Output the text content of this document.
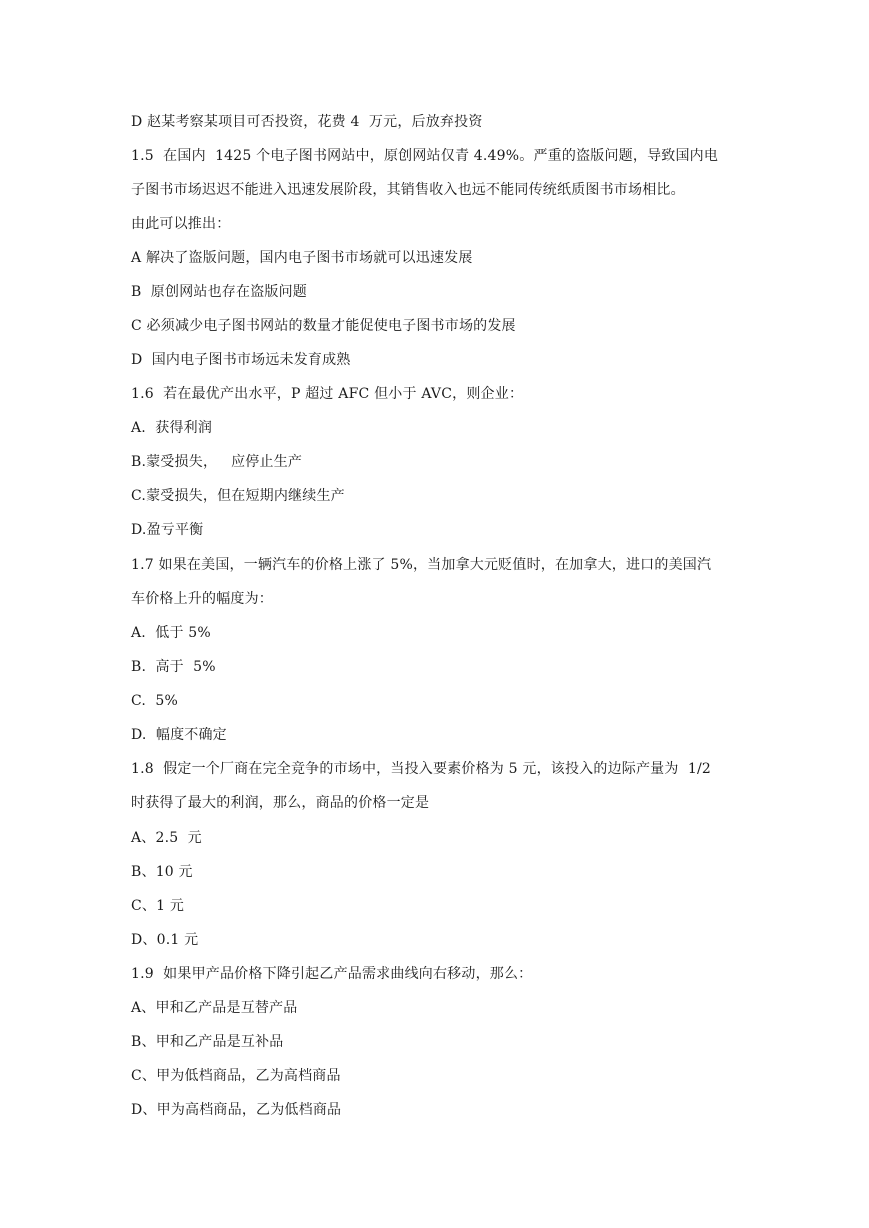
D 赵某考察某项目可否投资，花费 4  万元，后放弃投资
1.5  在国内  1425 个电子图书网站中，原创网站仅青 4.49%。严重的盗版问题，导致国内电
子图书市场迟迟不能进入迅速发展阶段，其销售收入也远不能同传统纸质图书市场相比。
由此可以推出：
A 解决了盗版问题，国内电子图书市场就可以迅速发展
B  原创网站也存在盗版问题
C 必须减少电子图书网站的数量才能促使电子图书市场的发展
D  国内电子图书市场远未发育成熟
1.6  若在最优产出水平，P 超过 AFC 但小于 AVC，则企业：
A.  获得利润
B.蒙受损失，   应停止生产
C.蒙受损失，但在短期内继续生产
D.盈亏平衡
1.7 如果在美国，一辆汽车的价格上涨了 5%，当加拿大元贬值时，在加拿大，进口的美国汽
车价格上升的幅度为：
A.  低于 5%
B.  高于  5%
C.  5%
D.  幅度不确定
1.8  假定一个厂商在完全竞争的市场中，当投入要素价格为 5 元，该投入的边际产量为  1/2
时获得了最大的利润，那么，商品的价格一定是
A、2.5  元
B、10 元
C、1 元
D、0.1 元
1.9  如果甲产品价格下降引起乙产品需求曲线向右移动，那么：
A、甲和乙产品是互替产品
B、甲和乙产品是互补品
C、甲为低档商品，乙为高档商品
D、甲为高档商品，乙为低档商品
